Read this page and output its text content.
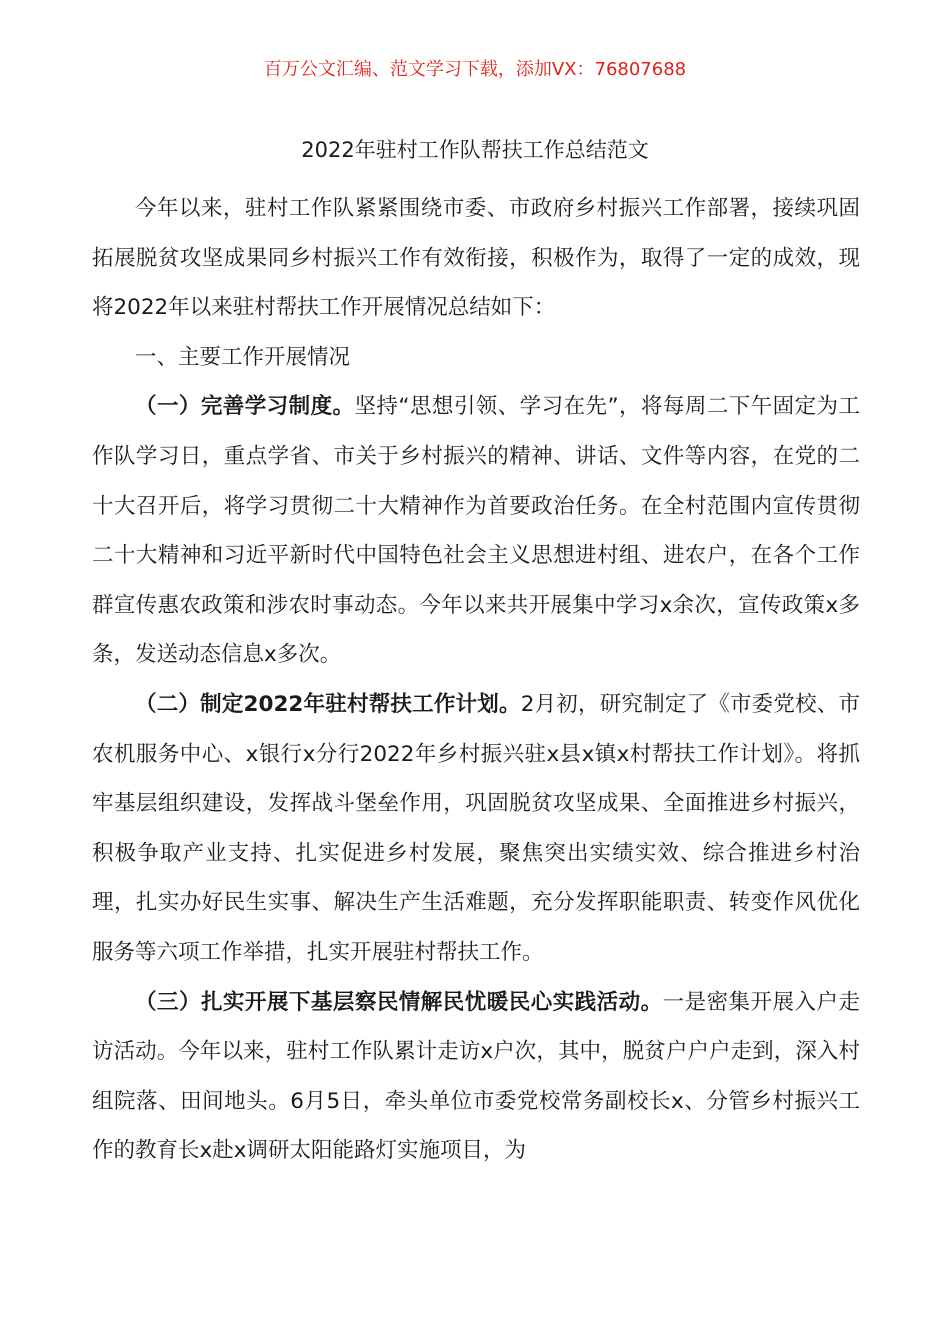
百万公文汇编、范文学习下载，添加VX：76807688
2022年驻村工作队帮扶工作总结范文

今年以来，驻村工作队紧紧围绕市委、市政府乡村振兴工作部署，接续巩固拓展脱贫攻坚成果同乡村振兴工作有效衔接，积极作为，取得了一定的成效，现将2022年以来驻村帮扶工作开展情况总结如下：

一、主要工作开展情况

（一）完善学习制度。坚持“思想引领、学习在先”，将每周二下午固定为工作队学习日，重点学省、市关于乡村振兴的精神、讲话、文件等内容，在党的二十大召开后，将学习贯彻二十大精神作为首要政治任务。在全村范围内宣传贯彻二十大精神和习近平新时代中国特色社会主义思想进村组、进农户，在各个工作群宣传惠农政策和涉农时事动态。今年以来共开展集中学习x余次，宣传政策x多条，发送动态信息x多次。

（二）制定2022年驻村帮扶工作计划。2月初，研究制定了《市委党校、市农机服务中心、x银行x分行2022年乡村振兴驻x县x镇x村帮扶工作计划》。将抓牢基层组织建设，发挥战斗堡垒作用，巩固脱贫攻坚成果、全面推进乡村振兴，积极争取产业支持、扎实促进乡村发展，聚焦突出实绩实效、综合推进乡村治理，扎实办好民生实事、解决生产生活难题，充分发挥职能职责、转变作风优化服务等六项工作举措，扎实开展驻村帮扶工作。

（三）扎实开展下基层察民情解民忧暖民心实践活动。一是密集开展入户走访活动。今年以来，驻村工作队累计走访x户次，其中，脱贫户户户走到，深入村组院落、田间地头。6月5日，牵头单位市委党校常务副校长x、分管乡村振兴工作的教育长x赴x调研太阳能路灯实施项目，为
